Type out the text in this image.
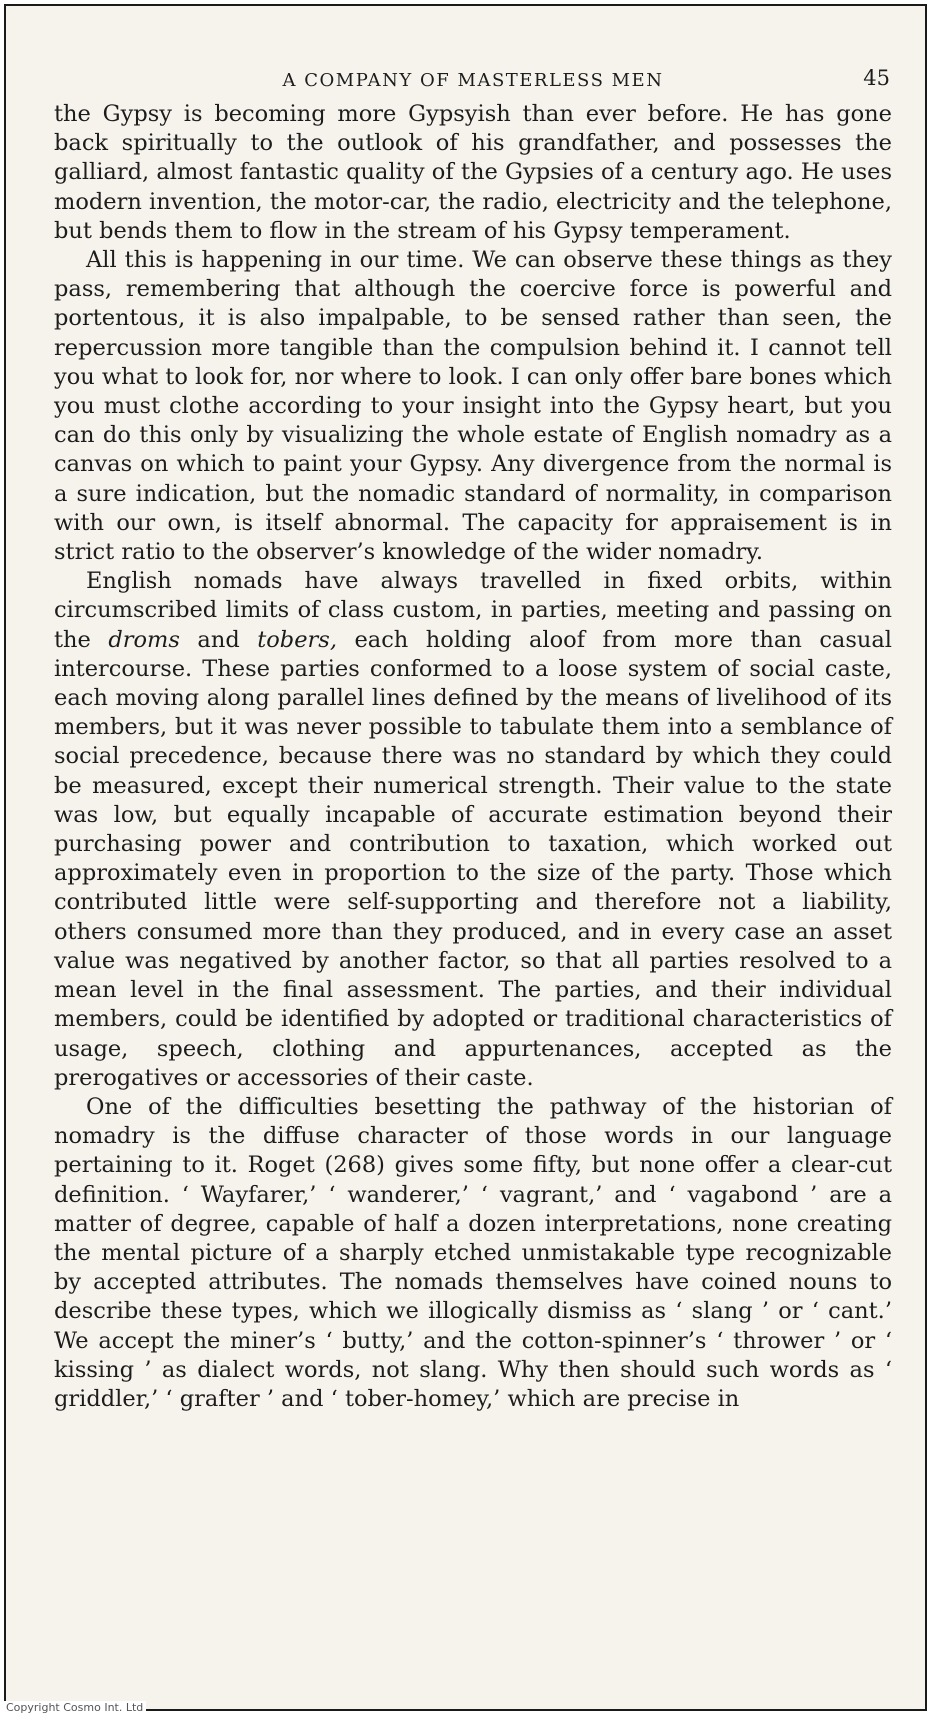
A COMPANY OF MASTERLESS MEN	45

the Gypsy is becoming more Gypsyish than ever before. He has gone back spiritually to the outlook of his grandfather, and possesses the galliard, almost fantastic quality of the Gypsies of a century ago. He uses modern invention, the motor-car, the radio, electricity and the telephone, but bends them to flow in the stream of his Gypsy temperament.

All this is happening in our time. We can observe these things as they pass, remembering that although the coercive force is powerful and portentous, it is also impalpable, to be sensed rather than seen, the repercussion more tangible than the compulsion behind it. I cannot tell you what to look for, nor where to look. I can only offer bare bones which you must clothe according to your insight into the Gypsy heart, but you can do this only by visualizing the whole estate of English nomadry as a canvas on which to paint your Gypsy. Any divergence from the normal is a sure indication, but the nomadic standard of normality, in comparison with our own, is itself abnormal. The capacity for appraisement is in strict ratio to the observer’s knowledge of the wider nomadry.

English nomads have always travelled in fixed orbits, within circumscribed limits of class custom, in parties, meeting and passing on the droms and tobers, each holding aloof from more than casual intercourse. These parties conformed to a loose system of social caste, each moving along parallel lines defined by the means of livelihood of its members, but it was never possible to tabulate them into a semblance of social precedence, because there was no standard by which they could be measured, except their numerical strength. Their value to the state was low, but equally incapable of accurate estimation beyond their purchasing power and contribution to taxation, which worked out approximately even in proportion to the size of the party. Those which contributed little were self-supporting and therefore not a liability, others consumed more than they produced, and in every case an asset value was negatived by another factor, so that all parties resolved to a mean level in the final assessment. The parties, and their individual members, could be identified by adopted or traditional characteristics of usage, speech, clothing and appurtenances, accepted as the prerogatives or accessories of their caste.

One of the difficulties besetting the pathway of the historian of nomadry is the diffuse character of those words in our language pertaining to it. Roget (268) gives some fifty, but none offer a clear-cut definition. ‘ Wayfarer,’ ‘ wanderer,’ ‘ vagrant,’ and ‘ vagabond ’ are a matter of degree, capable of half a dozen interpretations, none creating the mental picture of a sharply etched unmistakable type recognizable by accepted attributes. The nomads themselves have coined nouns to describe these types, which we illogically dismiss as ‘ slang ’ or ‘ cant.’ We accept the miner’s ‘ butty,’ and the cotton-spinner’s ‘ thrower ’ or ‘ kissing ’ as dialect words, not slang. Why then should such words as ‘ griddler,’ ‘ grafter ’ and ‘ tober-homey,’ which are precise in

Copyright Cosmo Int. Ltd
